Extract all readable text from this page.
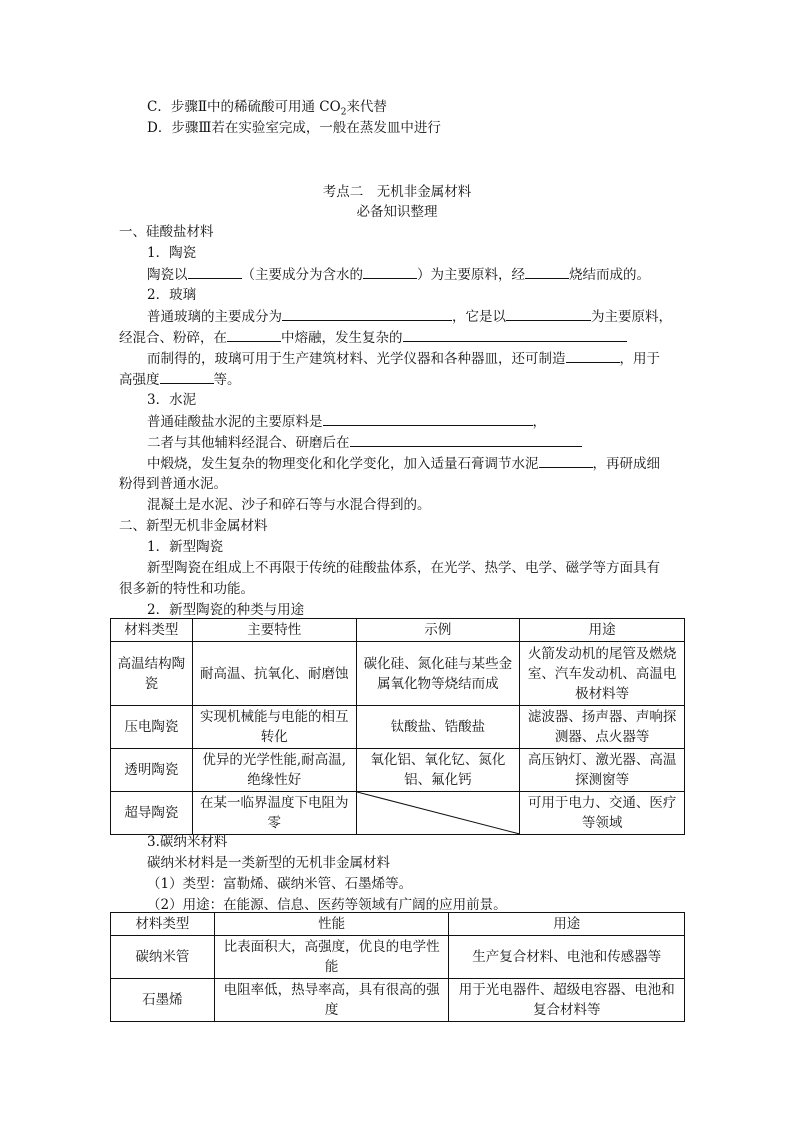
C．步骤Ⅱ中的稀硫酸可用通 $CO_2$来代替
D．步骤Ⅲ若在实验室完成，一般在蒸发皿中进行
考点二　无机非金属材料
必备知识整理
一、硅酸盐材料
1．陶瓷
陶瓷以	（主要成分为含水的	）为主要原料，经	烧结而成的。
2．玻璃
普通玻璃的主要成分为	，它是以	为主要原料，
经混合、粉碎，在	中熔融，发生复杂的
而制得的，玻璃可用于生产建筑材料、光学仪器和各种器皿，还可制造	，用于
高强度	等。
3．水泥
普通硅酸盐水泥的主要原料是	，
二者与其他辅料经混合、研磨后在
中煅烧，发生复杂的物理变化和化学变化，加入适量石膏调节水泥	，再研成细
粉得到普通水泥。
混凝土是水泥、沙子和碎石等与水混合得到的。
二、新型无机非金属材料
1．新型陶瓷
新型陶瓷在组成上不再限于传统的硅酸盐体系，在光学、热学、电学、磁学等方面具有
很多新的特性和功能。
2．新型陶瓷的种类与用途
材料类型	主要特性	示例	用途
高温结构陶瓷	耐高温、抗氧化、耐磨蚀	碳化硅、氮化硅与某些金属氧化物等烧结而成	火箭发动机的尾管及燃烧室、汽车发动机、高温电极材料等
压电陶瓷	实现机械能与电能的相互转化	钛酸盐、锆酸盐	滤波器、扬声器、声响探测器、点火器等
透明陶瓷	优异的光学性能,耐高温,绝缘性好	氧化铝、氧化钇、氮化铝、氟化钙	高压钠灯、激光器、高温探测窗等
超导陶瓷	在某一临界温度下电阻为零		可用于电力、交通、医疗等领域
3.碳纳米材料
碳纳米材料是一类新型的无机非金属材料
（1）类型：富勒烯、碳纳米管、石墨烯等。
（2）用途：在能源、信息、医药等领域有广阔的应用前景。
材料类型	性能	用途
碳纳米管	比表面积大，高强度，优良的电学性能	生产复合材料、电池和传感器等
石墨烯	电阻率低，热导率高，具有很高的强度	用于光电器件、超级电容器、电池和复合材料等
